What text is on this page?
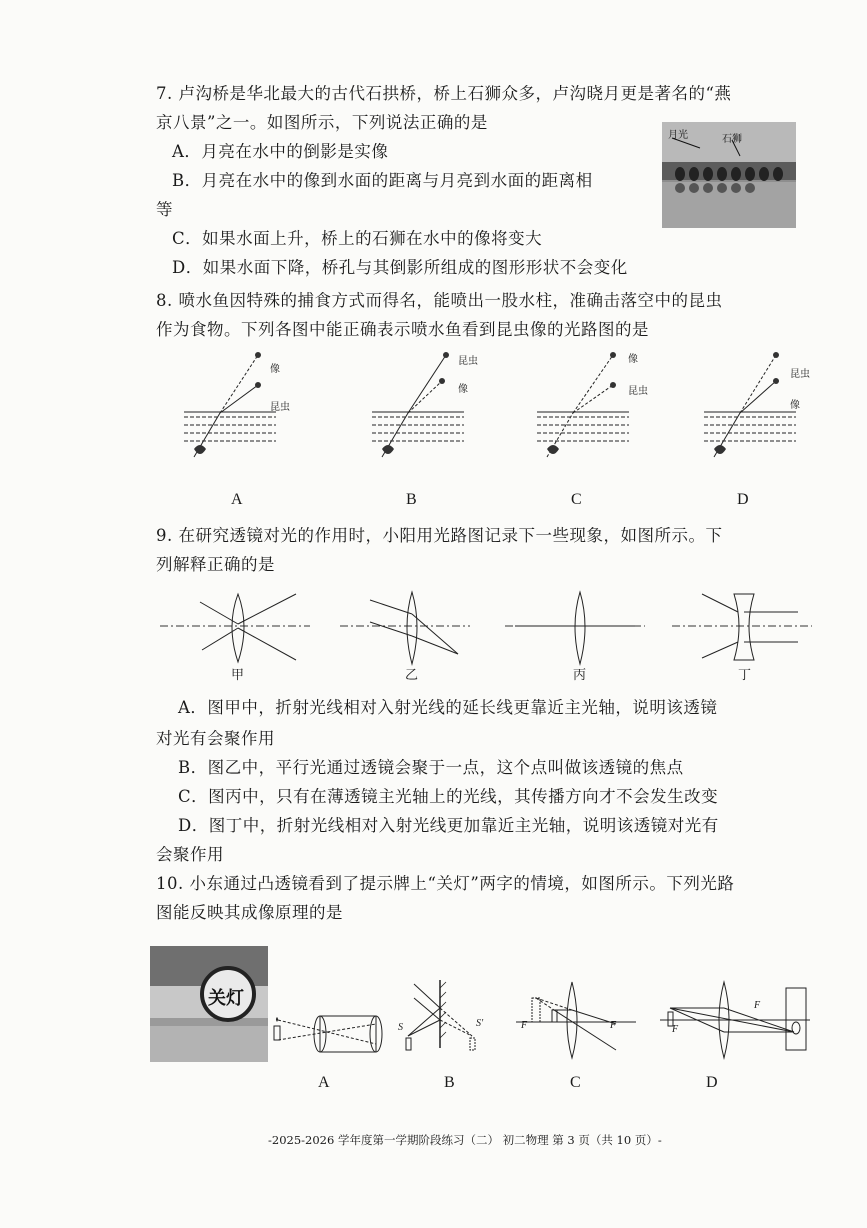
7. 卢沟桥是华北最大的古代石拱桥，桥上石狮众多，卢沟晓月更是著名的“燕
京八景”之一。如图所示，下列说法正确的是
A．月亮在水中的倒影是实像
B．月亮在水中的像到水面的距离与月亮到水面的距离相
等
C．如果水面上升，桥上的石狮在水中的像将变大
D．如果水面下降，桥孔与其倒影所组成的图形形状不会变化
月光	石狮
8. 喷水鱼因特殊的捕食方式而得名，能喷出一股水柱，准确击落空中的昆虫
作为食物。下列各图中能正确表示喷水鱼看到昆虫像的光路图的是
像
昆虫
昆虫
像
像
昆虫
昆虫
像
A	B	C	D
9. 在研究透镜对光的作用时，小阳用光路图记录下一些现象，如图所示。下
列解释正确的是
甲	乙	丙	丁
A．图甲中，折射光线相对入射光线的延长线更靠近主光轴，说明该透镜
对光有会聚作用
B．图乙中，平行光通过透镜会聚于一点，这个点叫做该透镜的焦点
C．图丙中，只有在薄透镜主光轴上的光线，其传播方向才不会发生改变
D．图丁中，折射光线相对入射光线更加靠近主光轴，说明该透镜对光有
会聚作用
10. 小东通过凸透镜看到了提示牌上“关灯”两字的情境，如图所示。下列光路
图能反映其成像原理的是
关灯
S	S'	F	F	F
F
A	B	C	D
-2025-2026 学年度第一学期阶段练习（二） 初二物理 第 3 页（共 10 页）-
